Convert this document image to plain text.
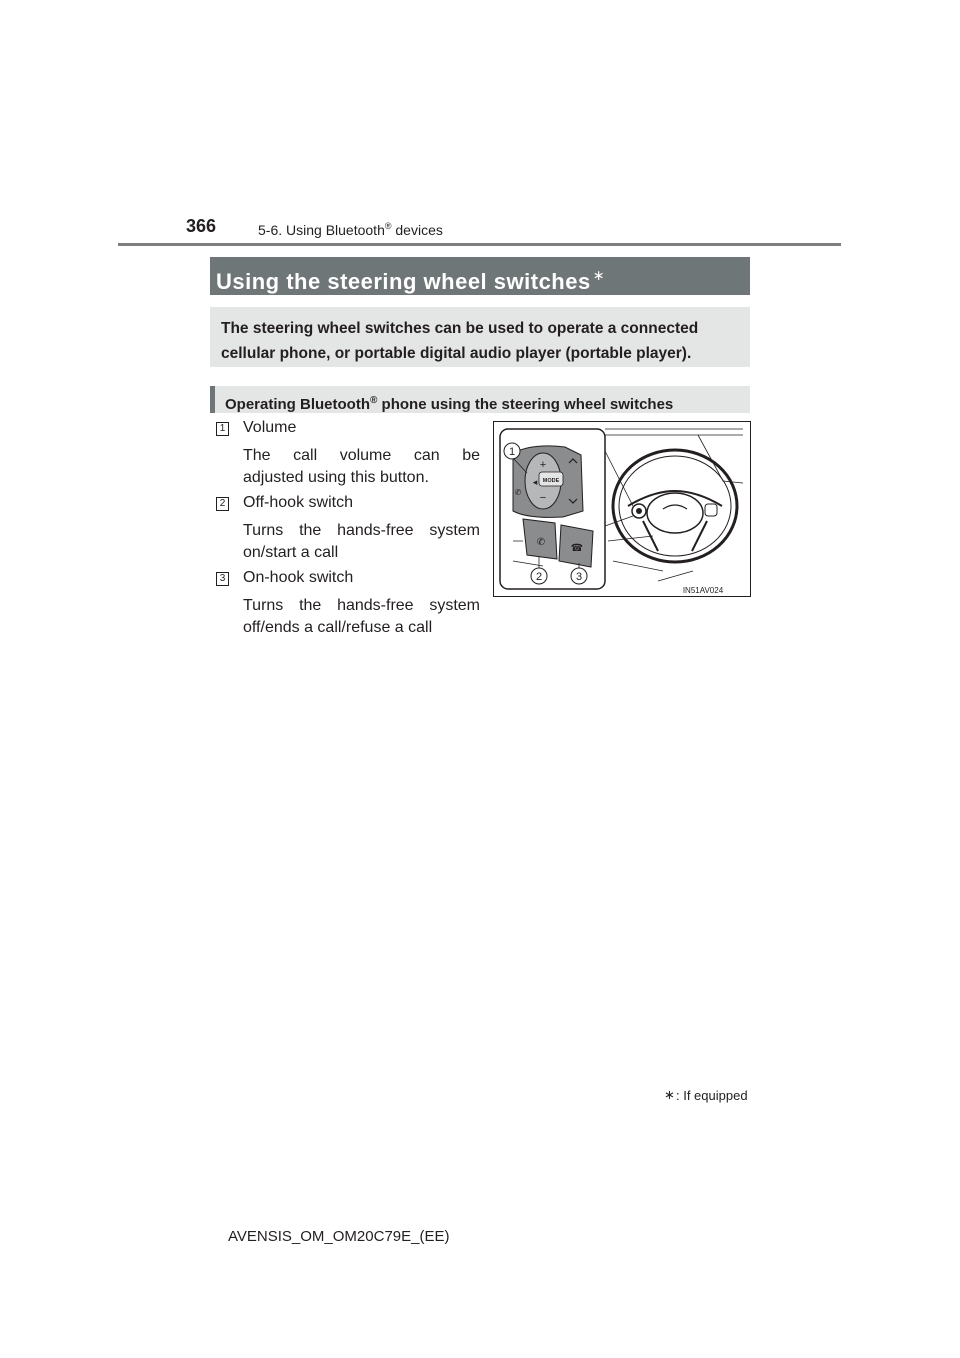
366	5-6. Using Bluetooth® devices
Using the steering wheel switches ∗
The steering wheel switches can be used to operate a connected
cellular phone, or portable digital audio player (portable player).
Operating Bluetooth® phone using the steering wheel switches
1 Volume
The call volume can be
adjusted using this button.
2 Off-hook switch
Turns the hands-free system
on/start a call
3 On-hook switch
Turns the hands-free system
off/ends a call/refuse a call
MODE
+
−
◂
✆
✆
☎
1
2	3
IN51AV024
∗ : If equipped
AVENSIS_OM_OM20C79E_(EE)
